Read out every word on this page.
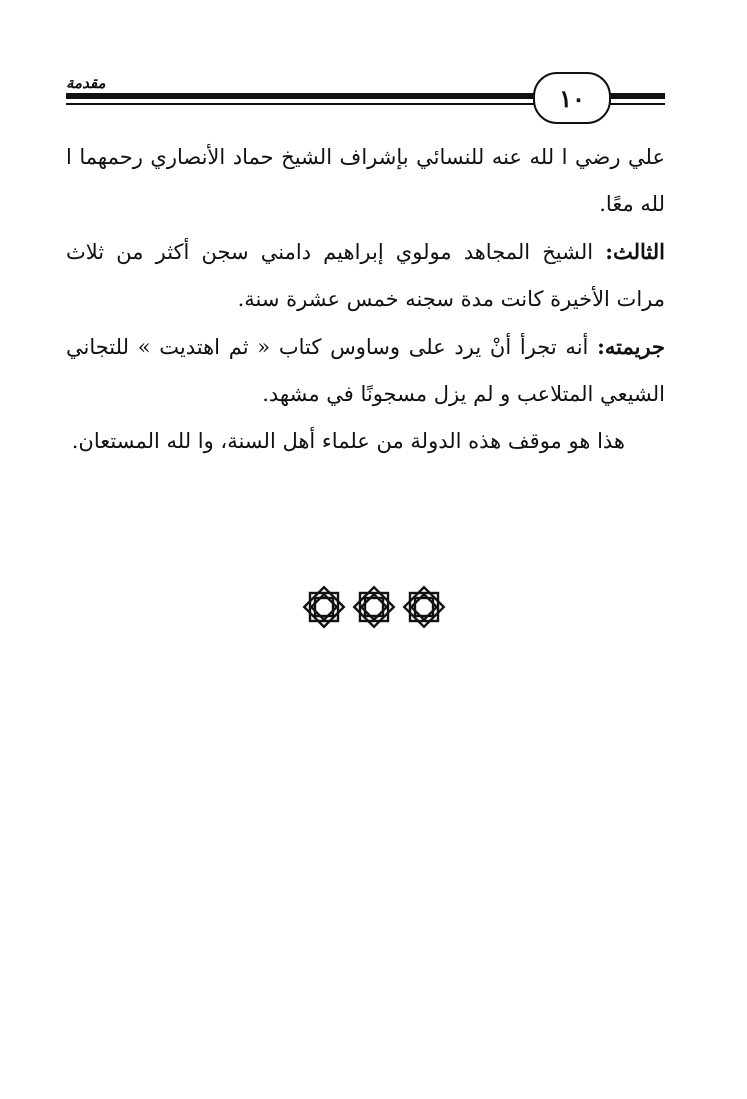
مقدمة
١٠

علي رضي ا لله عنه للنسائي بإشراف الشيخ حماد الأنصاري رحمهما ا لله معًا.

الثالث: الشيخ المجاهد مولوي إبراهيم دامني سجن أكثر من ثلاث مرات الأخيرة كانت مدة سجنه خمس عشرة سنة.

جريمته: أنه تجرأ أنْ يرد على وساوس كتاب « ثم اهتديت » للتجاني الشيعي المتلاعب و لم يزل مسجونًا في مشهد.

هذا هو موقف هذه الدولة من علماء أهل السنة، وا لله المستعان.
